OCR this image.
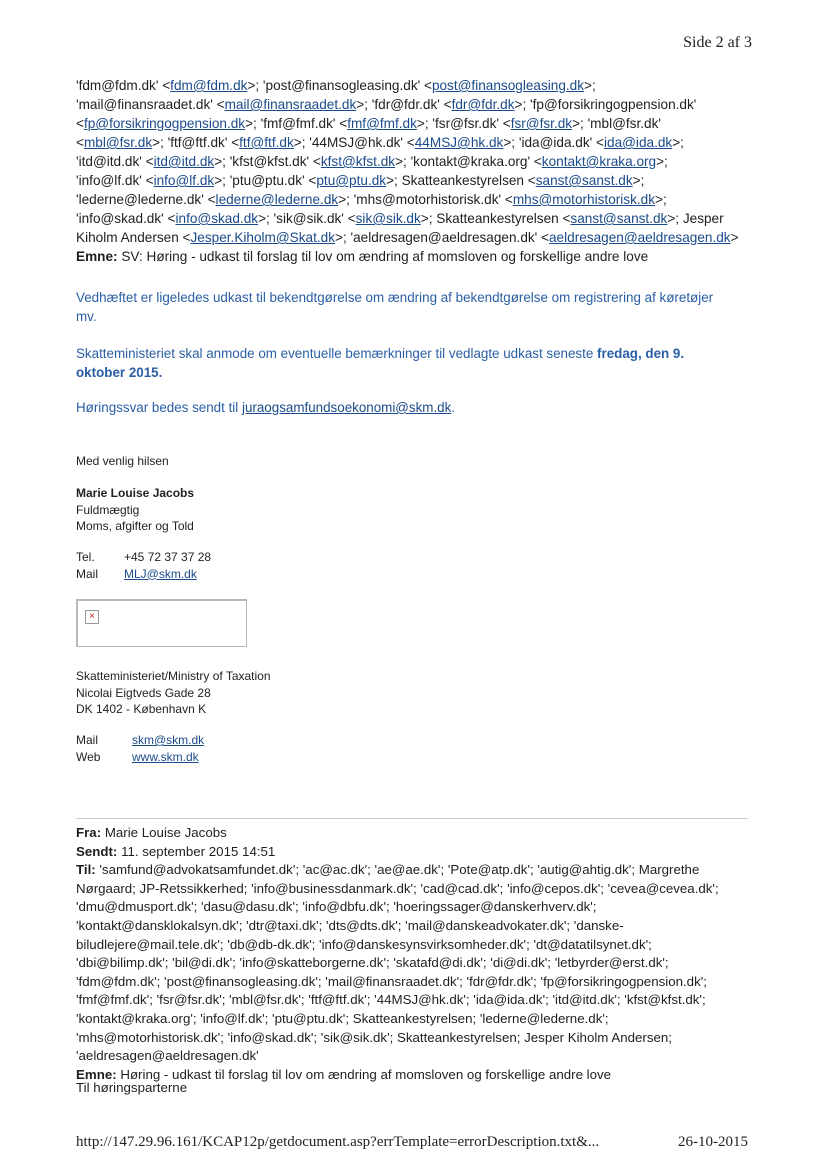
Side 2 af 3
'fdm@fdm.dk' <fdm@fdm.dk>; 'post@finansogleasing.dk' <post@finansogleasing.dk>;
'mail@finansraadet.dk' <mail@finansraadet.dk>; 'fdr@fdr.dk' <fdr@fdr.dk>; 'fp@forsikringogpension.dk'
<fp@forsikringogpension.dk>; 'fmf@fmf.dk' <fmf@fmf.dk>; 'fsr@fsr.dk' <fsr@fsr.dk>; 'mbl@fsr.dk'
<mbl@fsr.dk>; 'ftf@ftf.dk' <ftf@ftf.dk>; '44MSJ@hk.dk' <44MSJ@hk.dk>; 'ida@ida.dk' <ida@ida.dk>;
'itd@itd.dk' <itd@itd.dk>; 'kfst@kfst.dk' <kfst@kfst.dk>; 'kontakt@kraka.org' <kontakt@kraka.org>;
'info@lf.dk' <info@lf.dk>; 'ptu@ptu.dk' <ptu@ptu.dk>; Skatteankestyrelsen <sanst@sanst.dk>;
'lederne@lederne.dk' <lederne@lederne.dk>; 'mhs@motorhistorisk.dk' <mhs@motorhistorisk.dk>;
'info@skad.dk' <info@skad.dk>; 'sik@sik.dk' <sik@sik.dk>; Skatteankestyrelsen <sanst@sanst.dk>; Jesper
Kiholm Andersen <Jesper.Kiholm@Skat.dk>; 'aeldresagen@aeldresagen.dk' <aeldresagen@aeldresagen.dk>
Emne: SV: Høring - udkast til forslag til lov om ændring af momsloven og forskellige andre love
Vedhæftet er ligeledes udkast til bekendtgørelse om ændring af bekendtgørelse om registrering af køretøjer
mv.
Skatteministeriet skal anmode om eventuelle bemærkninger til vedlagte udkast seneste fredag, den 9.
oktober 2015.
Høringssvar bedes sendt til juraogsamfundsoekonomi@skm.dk.
Med venlig hilsen
Marie Louise Jacobs
Fuldmægtig
Moms, afgifter og Told
Tel. +45 72 37 37 28
Mail MLJ@skm.dk
×
Skatteministeriet/Ministry of Taxation
Nicolai Eigtveds Gade 28
DK 1402 - København K
Mail	skm@skm.dk
Web	www.skm.dk
Fra: Marie Louise Jacobs
Sendt: 11. september 2015 14:51
Til: 'samfund@advokatsamfundet.dk'; 'ac@ac.dk'; 'ae@ae.dk'; 'Pote@atp.dk'; 'autig@ahtig.dk'; Margrethe
Nørgaard; JP-Retssikkerhed; 'info@businessdanmark.dk'; 'cad@cad.dk'; 'info@cepos.dk'; 'cevea@cevea.dk';
'dmu@dmusport.dk'; 'dasu@dasu.dk'; 'info@dbfu.dk'; 'hoeringssager@danskerhverv.dk';
'kontakt@dansklokalsyn.dk'; 'dtr@taxi.dk'; 'dts@dts.dk'; 'mail@danskeadvokater.dk'; 'danske-
biludlejere@mail.tele.dk'; 'db@db-dk.dk'; 'info@danskesynsvirksomheder.dk'; 'dt@datatilsynet.dk';
'dbi@bilimp.dk'; 'bil@di.dk'; 'info@skatteborgerne.dk'; 'skatafd@di.dk'; 'di@di.dk'; 'letbyrder@erst.dk';
'fdm@fdm.dk'; 'post@finansogleasing.dk'; 'mail@finansraadet.dk'; 'fdr@fdr.dk'; 'fp@forsikringogpension.dk';
'fmf@fmf.dk'; 'fsr@fsr.dk'; 'mbl@fsr.dk'; 'ftf@ftf.dk'; '44MSJ@hk.dk'; 'ida@ida.dk'; 'itd@itd.dk'; 'kfst@kfst.dk';
'kontakt@kraka.org'; 'info@lf.dk'; 'ptu@ptu.dk'; Skatteankestyrelsen; 'lederne@lederne.dk';
'mhs@motorhistorisk.dk'; 'info@skad.dk'; 'sik@sik.dk'; Skatteankestyrelsen; Jesper Kiholm Andersen;
'aeldresagen@aeldresagen.dk'
Emne: Høring - udkast til forslag til lov om ændring af momsloven og forskellige andre love
Til høringsparterne
http://147.29.96.161/KCAP12p/getdocument.asp?errTemplate=errorDescription.txt&...	26-10-2015
